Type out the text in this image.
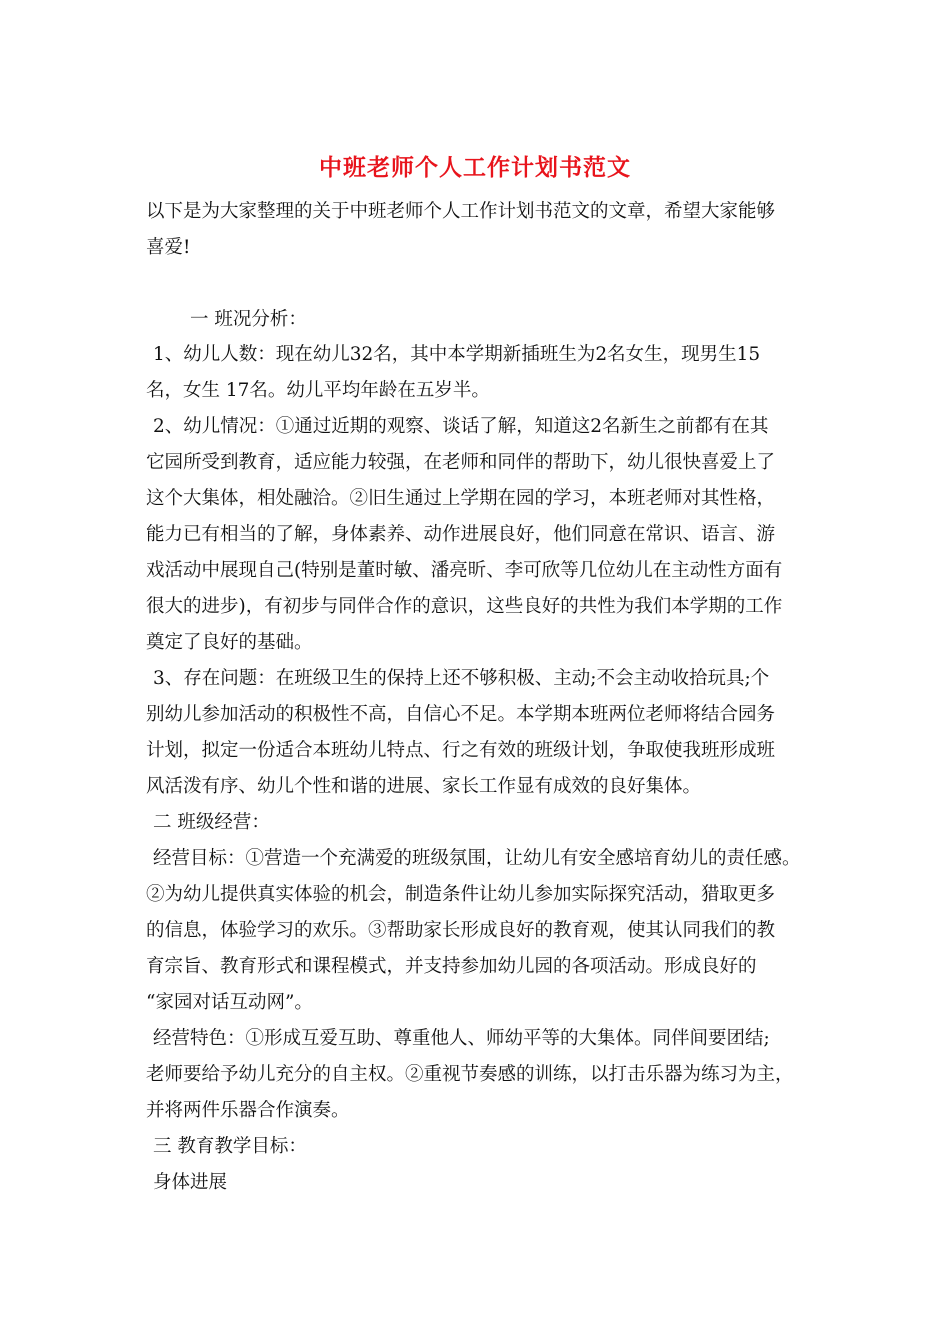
中班老师个人工作计划书范文
以下是为大家整理的关于中班老师个人工作计划书范文的文章，希望大家能够
喜爱!
一 班况分析：
1、幼儿人数：现在幼儿32名，其中本学期新插班生为2名女生，现男生15
名，女生 17名。幼儿平均年龄在五岁半。
2、幼儿情况：①通过近期的观察、谈话了解，知道这2名新生之前都有在其
它园所受到教育，适应能力较强，在老师和同伴的帮助下，幼儿很快喜爱上了
这个大集体，相处融洽。②旧生通过上学期在园的学习，本班老师对其性格，
能力已有相当的了解，身体素养、动作进展良好，他们同意在常识、语言、游
戏活动中展现自己(特别是董时敏、潘亮昕、李可欣等几位幼儿在主动性方面有
很大的进步)，有初步与同伴合作的意识，这些良好的共性为我们本学期的工作
奠定了良好的基础。
3、存在问题：在班级卫生的保持上还不够积极、主动;不会主动收拾玩具;个
别幼儿参加活动的积极性不高，自信心不足。本学期本班两位老师将结合园务
计划，拟定一份适合本班幼儿特点、行之有效的班级计划，争取使我班形成班
风活泼有序、幼儿个性和谐的进展、家长工作显有成效的良好集体。
二 班级经营：
经营目标：①营造一个充满爱的班级氛围，让幼儿有安全感培育幼儿的责任感。
②为幼儿提供真实体验的机会，制造条件让幼儿参加实际探究活动，猎取更多
的信息，体验学习的欢乐。③帮助家长形成良好的教育观，使其认同我们的教
育宗旨、教育形式和课程模式，并支持参加幼儿园的各项活动。形成良好的
“家园对话互动网”。
经营特色：①形成互爱互助、尊重他人、师幼平等的大集体。同伴间要团结;
老师要给予幼儿充分的自主权。②重视节奏感的训练，以打击乐器为练习为主，
并将两件乐器合作演奏。
三 教育教学目标：
身体进展
